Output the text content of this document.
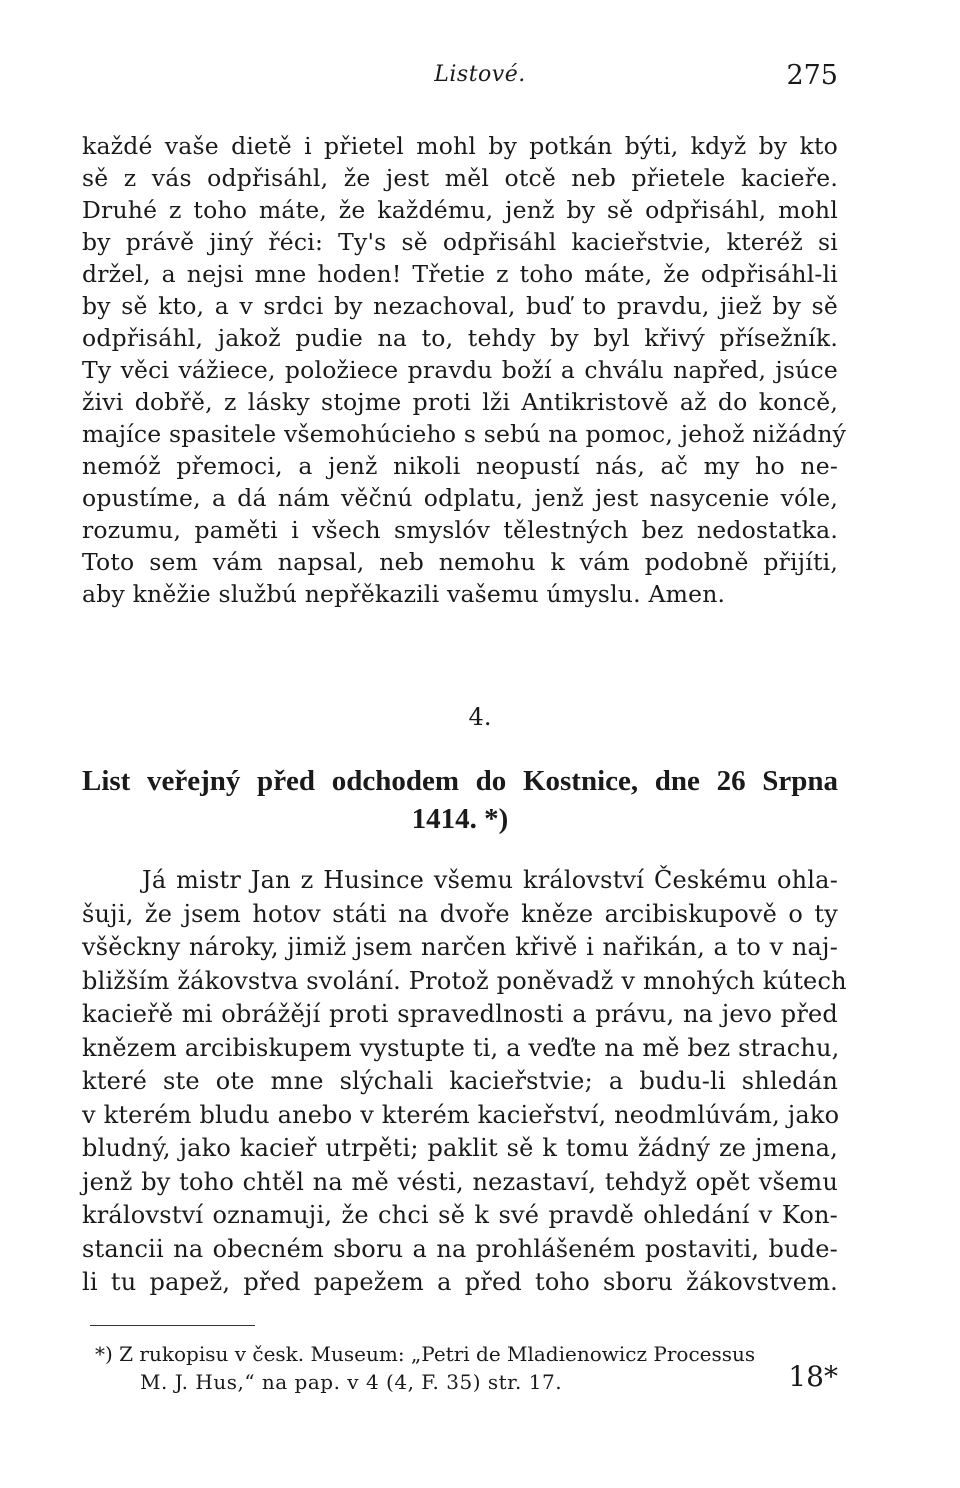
Listové.	275
každé vaše dietě i přietel mohl by potkán býti, když by kto
sě z vás odpřisáhl, že jest měl otcě neb přietele kacieře.
Druhé z toho máte, že každému, jenž by sě odpřisáhl, mohl
by právě jiný řéci: Ty's sě odpřisáhl kacieřstvie, kteréž si
držel, a nejsi mne hoden! Třetie z toho máte, že odpřisáhl-li
by sě kto, a v srdci by nezachoval, buď to pravdu, jiež by sě
odpřisáhl, jakož pudie na to, tehdy by byl křivý přísežník.
Ty věci vážiece, položiece pravdu boží a chválu napřed, jsúce
živi dobřě, z lásky stojme proti lži Antikristově až do koncě,
majíce spasitele všemohúcieho s sebú na pomoc, jehož nižádný
nemóž přemoci, a jenž nikoli neopustí nás, ač my ho ne-
opustíme, a dá nám věčnú odplatu, jenž jest nasycenie vóle,
rozumu, paměti i všech smyslóv tělestných bez nedostatka.
Toto sem vám napsal, neb nemohu k vám podobně přijíti,
aby kněžie službú nepřěkazili vašemu úmyslu. Amen.
4.
List veřejný před odchodem do Kostnice, dne 26 Srpna
1414. *)
Já mistr Jan z Husince všemu království Českému ohla-
šuji, že jsem hotov státi na dvoře kněze arcibiskupově o ty
všěckny nároky, jimiž jsem narčen křivě i nařikán, a to v naj-
bližším žákovstva svolání. Protož poněvadž v mnohých kútech
kacieřě mi obrážějí proti spravedlnosti a právu, na jevo před
knězem arcibiskupem vystupte ti, a veďte na mě bez strachu,
které ste ote mne slýchali kacieřstvie; a budu-li shledán
v kterém bludu anebo v kterém kacieřství, neodmlúvám, jako
bludný, jako kacieř utrpěti; paklit sě k tomu žádný ze jmena,
jenž by toho chtěl na mě vésti, nezastaví, tehdyž opět všemu
království oznamuji, že chci sě k své pravdě ohledání v Kon-
stancii na obecném sboru a na prohlášeném postaviti, bude-
li tu papež, před papežem a před toho sboru žákovstvem.
*) Z rukopisu v česk. Museum: „Petri de Mladienowicz Processus
M. J. Hus,“ na pap. v 4 (4, F. 35) str. 17.	18*
